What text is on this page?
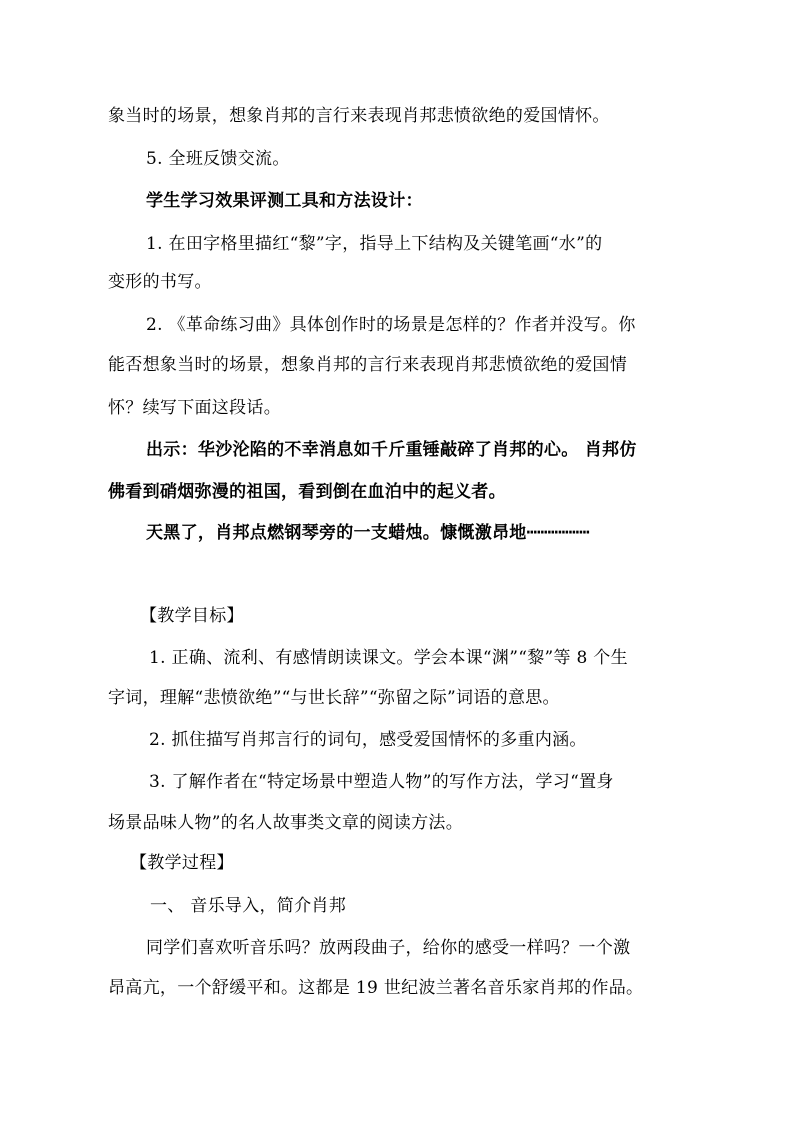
象当时的场景，想象肖邦的言行来表现肖邦悲愤欲绝的爱国情怀。
5. 全班反馈交流。
学生学习效果评测工具和方法设计：
1. 在田字格里描红“黎”字，指导上下结构及关键笔画“水”的
变形的书写。
2. 《革命练习曲》具体创作时的场景是怎样的？作者并没写。你
能否想象当时的场景，想象肖邦的言行来表现肖邦悲愤欲绝的爱国情
怀？续写下面这段话。
出示：华沙沦陷的不幸消息如千斤重锤敲碎了肖邦的心。 肖邦仿
佛看到硝烟弥漫的祖国，看到倒在血泊中的起义者。
天黑了，肖邦点燃钢琴旁的一支蜡烛。慷慨激昂地┅┅┅┅┅┅
【教学目标】
1. 正确、流利、有感情朗读课文。学会本课“渊”“黎”等 8 个生
字词，理解“悲愤欲绝”“与世长辞”“弥留之际”词语的意思。
2. 抓住描写肖邦言行的词句，感受爱国情怀的多重内涵。
3. 了解作者在“特定场景中塑造人物”的写作方法，学习“置身
场景品味人物”的名人故事类文章的阅读方法。
【教学过程】
一、 音乐导入，简介肖邦
同学们喜欢听音乐吗？放两段曲子，给你的感受一样吗？一个激
昂高亢，一个舒缓平和。这都是 19 世纪波兰著名音乐家肖邦的作品。
